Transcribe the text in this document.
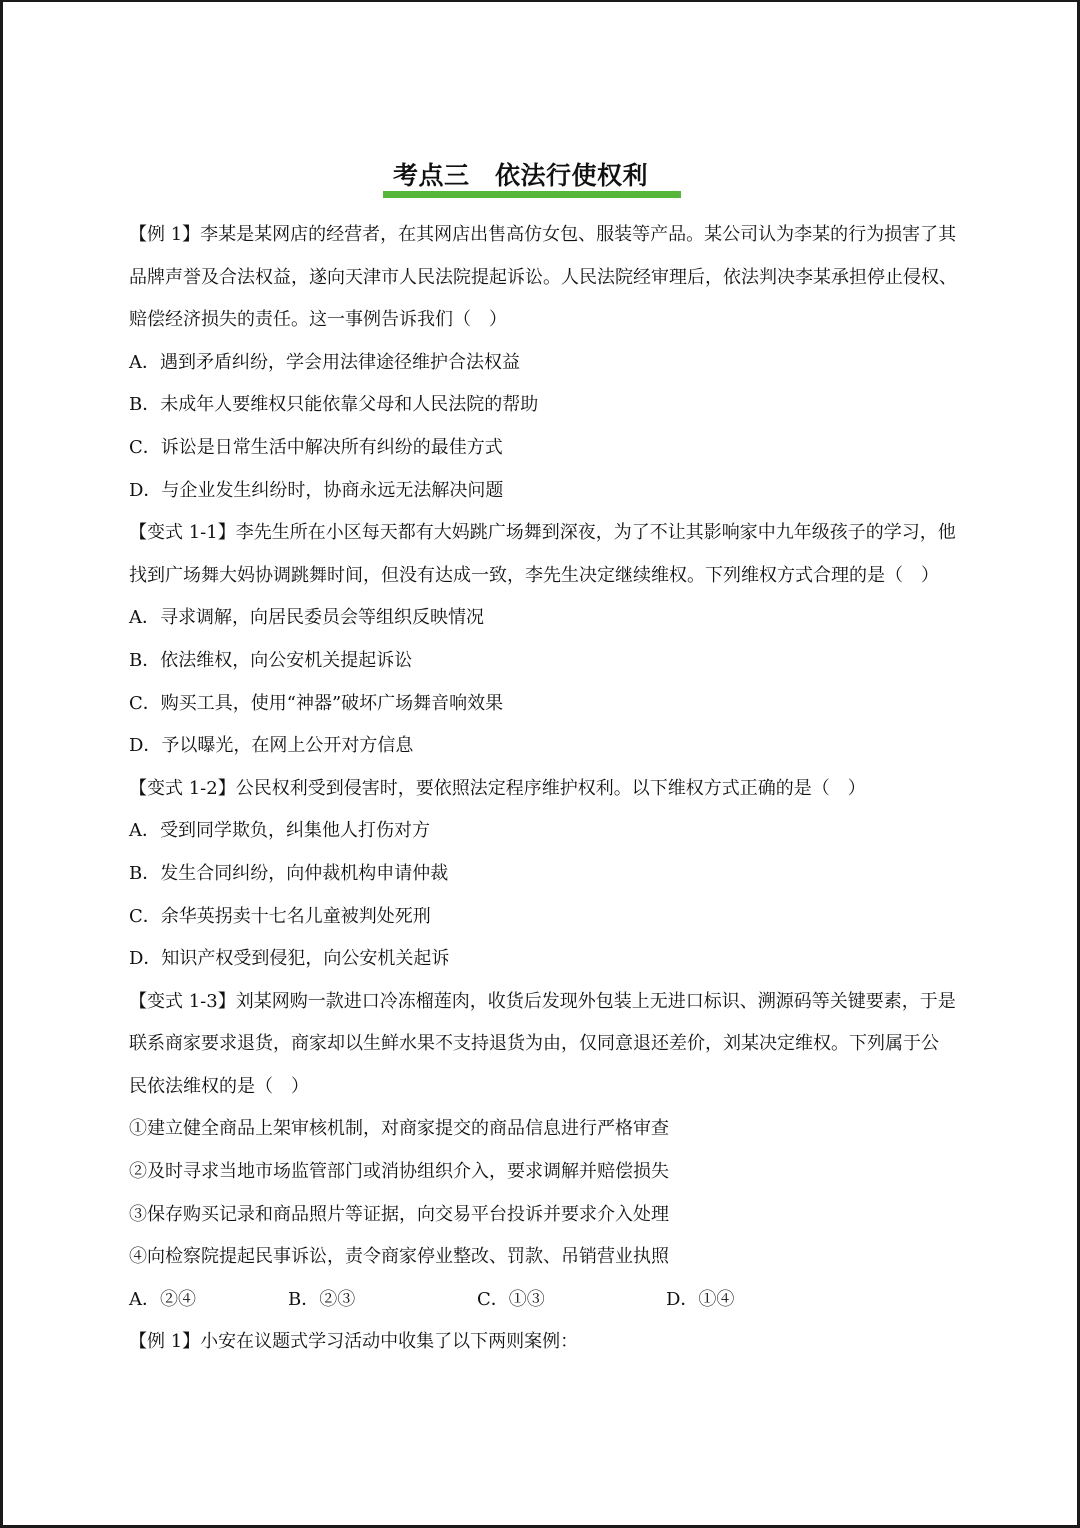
考点三　依法行使权利
【例 1】李某是某网店的经营者，在其网店出售高仿女包、服装等产品。某公司认为李某的行为损害了其
品牌声誉及合法权益，遂向天津市人民法院提起诉讼。人民法院经审理后，依法判决李某承担停止侵权、
赔偿经济损失的责任。这一事例告诉我们（　）
A．遇到矛盾纠纷，学会用法律途径维护合法权益
B．未成年人要维权只能依靠父母和人民法院的帮助
C．诉讼是日常生活中解决所有纠纷的最佳方式
D．与企业发生纠纷时，协商永远无法解决问题
【变式 1-1】李先生所在小区每天都有大妈跳广场舞到深夜，为了不让其影响家中九年级孩子的学习，他
找到广场舞大妈协调跳舞时间，但没有达成一致，李先生决定继续维权。下列维权方式合理的是（　）
A．寻求调解，向居民委员会等组织反映情况
B．依法维权，向公安机关提起诉讼
C．购买工具，使用“神器”破坏广场舞音响效果
D．予以曝光，在网上公开对方信息
【变式 1-2】公民权利受到侵害时，要依照法定程序维护权利。以下维权方式正确的是（　）
A．受到同学欺负，纠集他人打伤对方
B．发生合同纠纷，向仲裁机构申请仲裁
C．余华英拐卖十七名儿童被判处死刑
D．知识产权受到侵犯，向公安机关起诉
【变式 1-3】刘某网购一款进口冷冻榴莲肉，收货后发现外包装上无进口标识、溯源码等关键要素，于是
联系商家要求退货，商家却以生鲜水果不支持退货为由，仅同意退还差价，刘某决定维权。下列属于公
民依法维权的是（　）
①建立健全商品上架审核机制，对商家提交的商品信息进行严格审查
②及时寻求当地市场监管部门或消协组织介入，要求调解并赔偿损失
③保存购买记录和商品照片等证据，向交易平台投诉并要求介入处理
④向检察院提起民事诉讼，责令商家停业整改、罚款、吊销营业执照
A．②④	B．②③	C．①③	D．①④
【例 1】小安在议题式学习活动中收集了以下两则案例：
